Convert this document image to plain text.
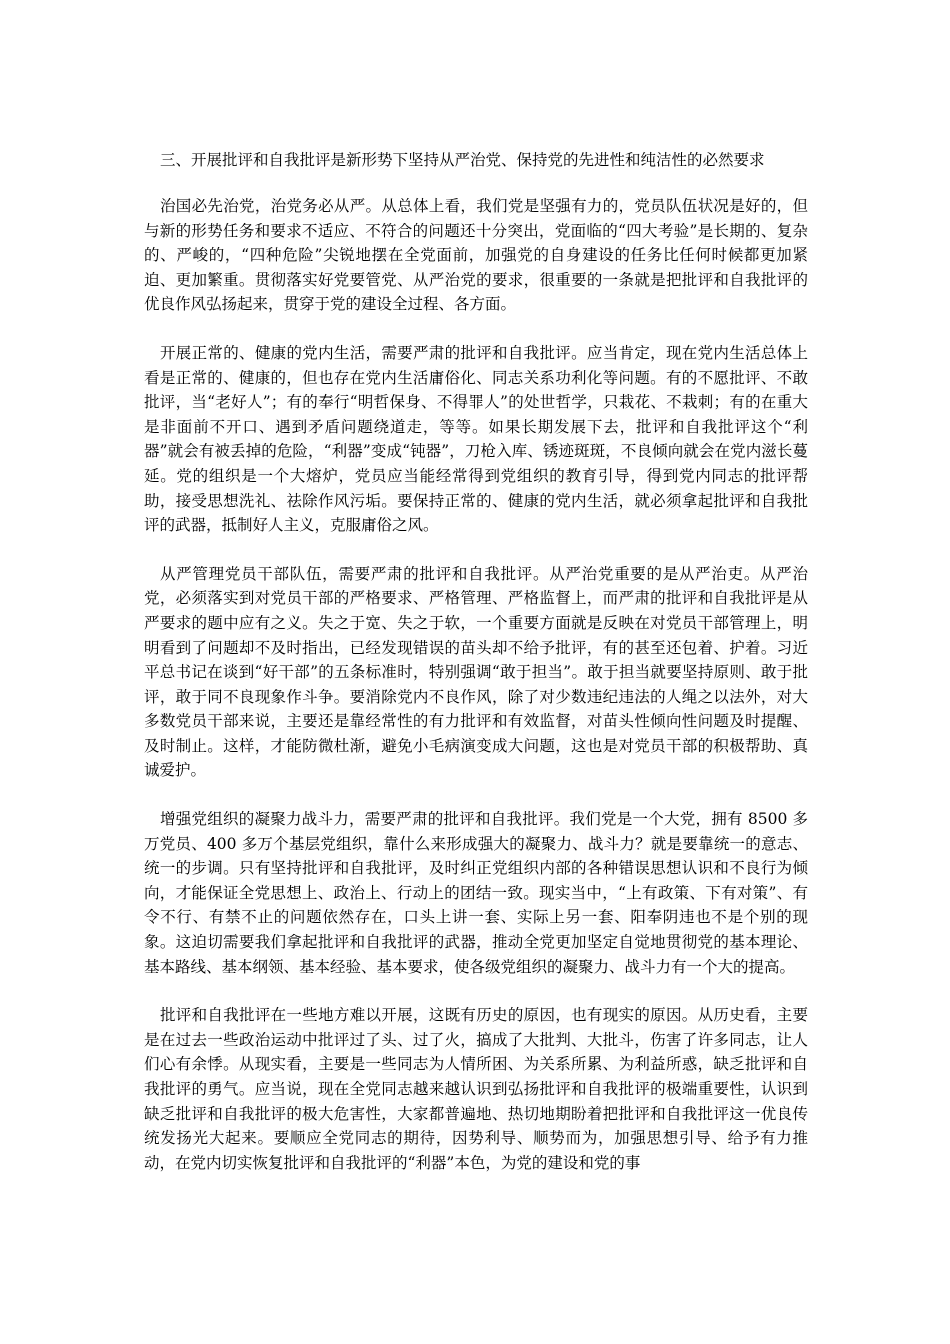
三、开展批评和自我批评是新形势下坚持从严治党、保持党的先进性和纯洁性的必然要求

治国必先治党，治党务必从严。从总体上看，我们党是坚强有力的，党员队伍状况是好的，但与新的形势任务和要求不适应、不符合的问题还十分突出，党面临的“四大考验”是长期的、复杂的、严峻的，“四种危险”尖锐地摆在全党面前，加强党的自身建设的任务比任何时候都更加紧迫、更加繁重。贯彻落实好党要管党、从严治党的要求，很重要的一条就是把批评和自我批评的优良作风弘扬起来，贯穿于党的建设全过程、各方面。

开展正常的、健康的党内生活，需要严肃的批评和自我批评。应当肯定，现在党内生活总体上看是正常的、健康的，但也存在党内生活庸俗化、同志关系功利化等问题。有的不愿批评、不敢批评，当“老好人”；有的奉行“明哲保身、不得罪人”的处世哲学，只栽花、不栽刺；有的在重大是非面前不开口、遇到矛盾问题绕道走，等等。如果长期发展下去，批评和自我批评这个“利器”就会有被丢掉的危险，“利器”变成“钝器”，刀枪入库、锈迹斑斑，不良倾向就会在党内滋长蔓延。党的组织是一个大熔炉，党员应当能经常得到党组织的教育引导，得到党内同志的批评帮助，接受思想洗礼、祛除作风污垢。要保持正常的、健康的党内生活，就必须拿起批评和自我批评的武器，抵制好人主义，克服庸俗之风。

从严管理党员干部队伍，需要严肃的批评和自我批评。从严治党重要的是从严治吏。从严治党，必须落实到对党员干部的严格要求、严格管理、严格监督上，而严肃的批评和自我批评是从严要求的题中应有之义。失之于宽、失之于软，一个重要方面就是反映在对党员干部管理上，明明看到了问题却不及时指出，已经发现错误的苗头却不给予批评，有的甚至还包着、护着。习近平总书记在谈到“好干部”的五条标准时，特别强调“敢于担当”。敢于担当就要坚持原则、敢于批评，敢于同不良现象作斗争。要消除党内不良作风，除了对少数违纪违法的人绳之以法外，对大多数党员干部来说，主要还是靠经常性的有力批评和有效监督，对苗头性倾向性问题及时提醒、及时制止。这样，才能防微杜渐，避免小毛病演变成大问题，这也是对党员干部的积极帮助、真诚爱护。

增强党组织的凝聚力战斗力，需要严肃的批评和自我批评。我们党是一个大党，拥有 8500 多万党员、400 多万个基层党组织，靠什么来形成强大的凝聚力、战斗力？就是要靠统一的意志、统一的步调。只有坚持批评和自我批评，及时纠正党组织内部的各种错误思想认识和不良行为倾向，才能保证全党思想上、政治上、行动上的团结一致。现实当中，“上有政策、下有对策”、有令不行、有禁不止的问题依然存在，口头上讲一套、实际上另一套、阳奉阴违也不是个别的现象。这迫切需要我们拿起批评和自我批评的武器，推动全党更加坚定自觉地贯彻党的基本理论、基本路线、基本纲领、基本经验、基本要求，使各级党组织的凝聚力、战斗力有一个大的提高。

批评和自我批评在一些地方难以开展，这既有历史的原因，也有现实的原因。从历史看，主要是在过去一些政治运动中批评过了头、过了火，搞成了大批判、大批斗，伤害了许多同志，让人们心有余悸。从现实看，主要是一些同志为人情所困、为关系所累、为利益所惑，缺乏批评和自我批评的勇气。应当说，现在全党同志越来越认识到弘扬批评和自我批评的极端重要性，认识到缺乏批评和自我批评的极大危害性，大家都普遍地、热切地期盼着把批评和自我批评这一优良传统发扬光大起来。要顺应全党同志的期待，因势利导、顺势而为，加强思想引导、给予有力推动，在党内切实恢复批评和自我批评的“利器”本色，为党的建设和党的事
